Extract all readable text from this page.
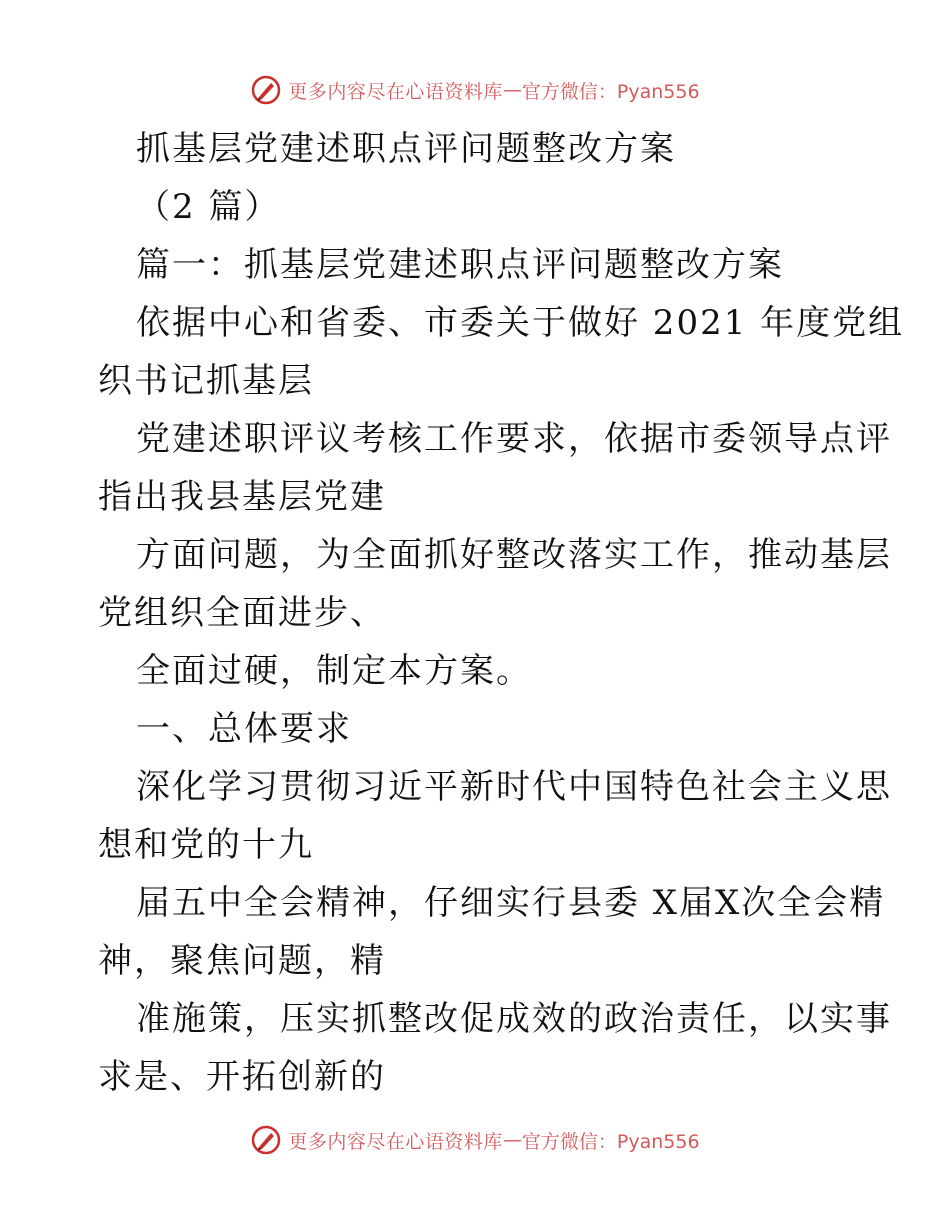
更多内容尽在心语资料库 — 官方微信：Pyan556
抓基层党建述职点评问题整改方案
（2 篇）
篇一：抓基层党建述职点评问题整改方案
依据中心和省委、市委关于做好 2021 年度党组
织书记抓基层
党建述职评议考核工作要求，依据市委领导点评
指出我县基层党建
方面问题，为全面抓好整改落实工作，推动基层
党组织全面进步、
全面过硬，制定本方案。
一、总体要求
深化学习贯彻习近平新时代中国特色社会主义思
想和党的十九
届五中全会精神，仔细实行县委 X届X次全会精
神，聚焦问题，精
准施策，压实抓整改促成效的政治责任，以实事
求是、开拓创新的
更多内容尽在心语资料库 — 官方微信：Pyan556
